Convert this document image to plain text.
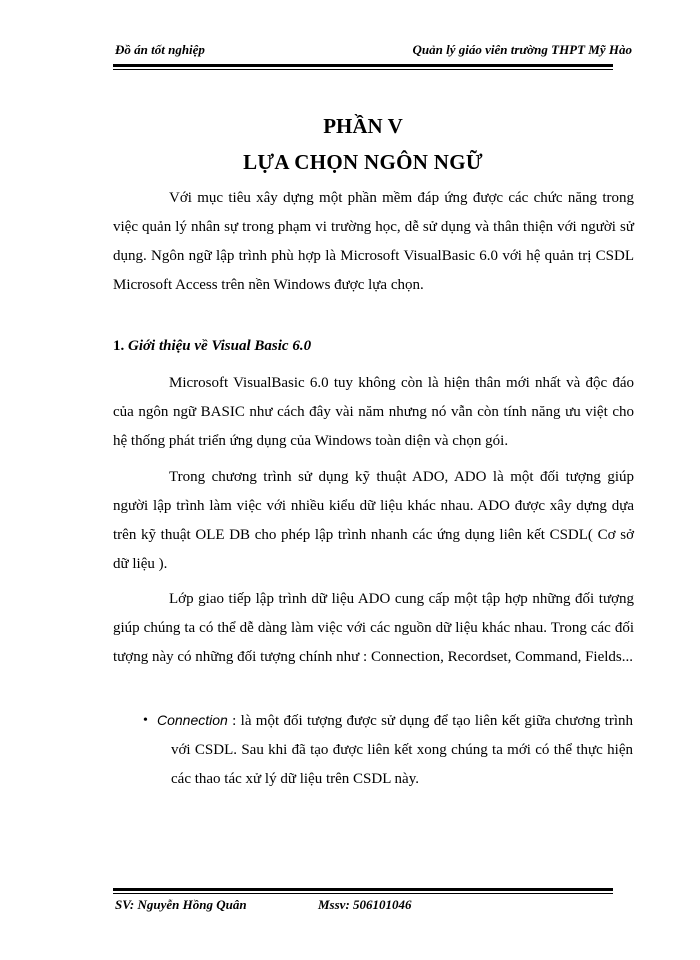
Đồ án tốt nghiệp	Quản lý giáo viên trường THPT Mỹ Hào
PHẦN V
LỰA CHỌN NGÔN NGỮ

Với mục tiêu xây dựng một phần mềm đáp ứng được các chức năng trong việc quản lý nhân sự trong phạm vi trường học, dễ sử dụng và thân thiện với người sử dụng. Ngôn ngữ lập trình phù hợp là Microsoft VisualBasic 6.0 với hệ quản trị CSDL Microsoft Access trên nền Windows được lựa chọn.

1. Giới thiệu về Visual Basic 6.0

Microsoft VisualBasic 6.0 tuy không còn là hiện thân mới nhất và độc đáo của ngôn ngữ BASIC như cách đây vài năm nhưng nó vẫn còn tính năng ưu việt cho hệ thống phát triển ứng dụng của Windows toàn diện và chọn gói.

Trong chương trình sử dụng kỹ thuật ADO, ADO là một đối tượng giúp người lập trình làm việc với nhiều kiểu dữ liệu khác nhau. ADO được xây dựng dựa trên kỹ thuật OLE DB cho phép lập trình nhanh các ứng dụng liên kết CSDL( Cơ sở dữ liệu ).

Lớp giao tiếp lập trình dữ liệu ADO cung cấp một tập hợp những đối tượng giúp chúng ta có thể dễ dàng làm việc với các nguồn dữ liệu khác nhau. Trong các đối tượng này có những đối tượng chính như : Connection, Recordset, Command, Fields...

• Connection : là một đối tượng được sử dụng để tạo liên kết giữa chương trình với CSDL. Sau khi đã tạo được liên kết xong chúng ta mới có thể thực hiện các thao tác xử lý dữ liệu trên CSDL này.

SV: Nguyễn Hồng Quân	Mssv: 506101046
